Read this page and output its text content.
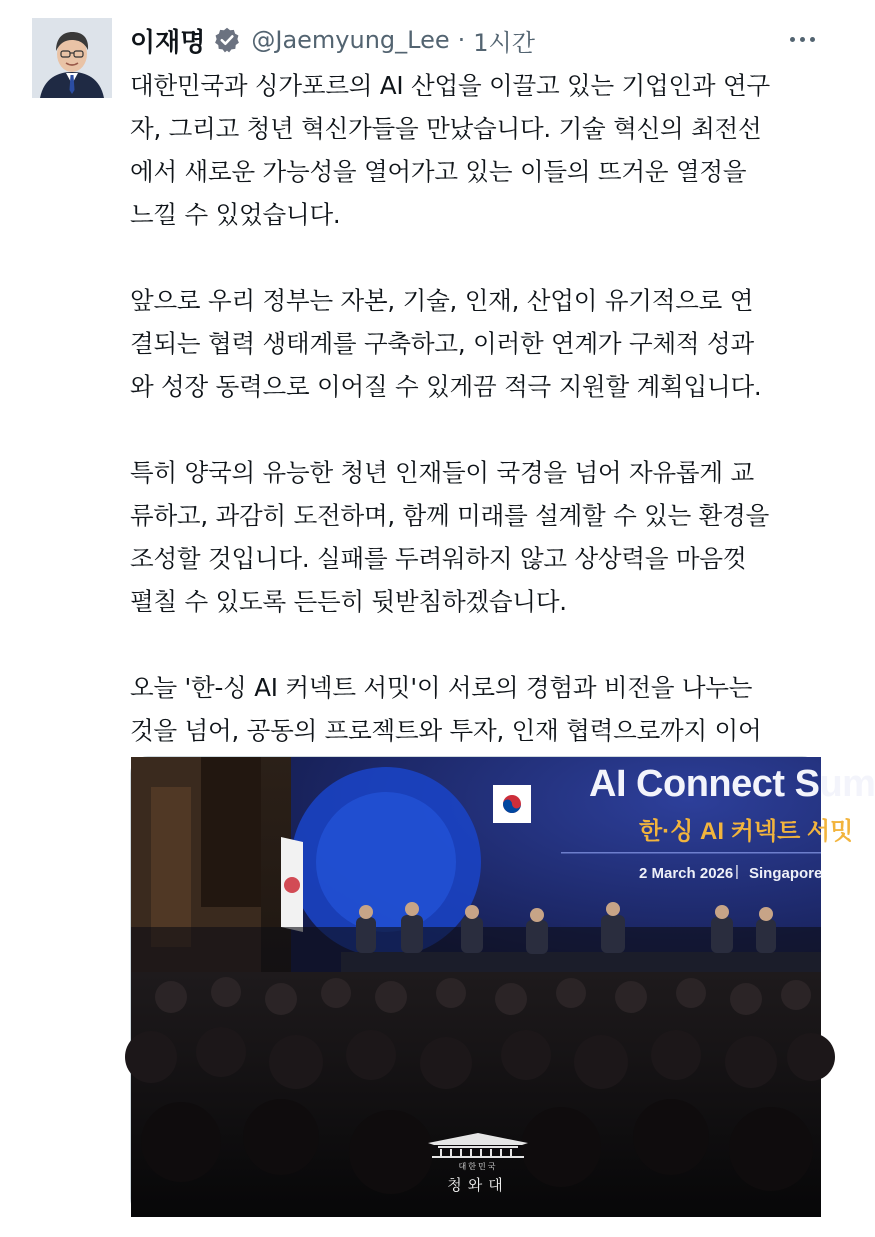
이재명 @Jaemyung_Lee · 1시간
대한민국과 싱가포르의 AI 산업을 이끌고 있는 기업인과 연구
자, 그리고 청년 혁신가들을 만났습니다. 기술 혁신의 최전선
에서 새로운 가능성을 열어가고 있는 이들의 뜨거운 열정을
느낄 수 있었습니다.
앞으로 우리 정부는 자본, 기술, 인재, 산업이 유기적으로 연
결되는 협력 생태계를 구축하고, 이러한 연계가 구체적 성과
와 성장 동력으로 이어질 수 있게끔 적극 지원할 계획입니다.
특히 양국의 유능한 청년 인재들이 국경을 넘어 자유롭게 교
류하고, 과감히 도전하며, 함께 미래를 설계할 수 있는 환경을
조성할 것입니다. 실패를 두려워하지 않고 상상력을 마음껏
펼칠 수 있도록 든든히 뒷받침하겠습니다.
오늘 '한-싱 AI 커넥트 서밋'이 서로의 경험과 비전을 나누는
것을 넘어, 공동의 프로젝트와 투자, 인재 협력으로까지 이어
AI Connect Sum
한·싱 AI 커넥트 서밋
2 March 2026 | Singapore
대한민국
청와대
